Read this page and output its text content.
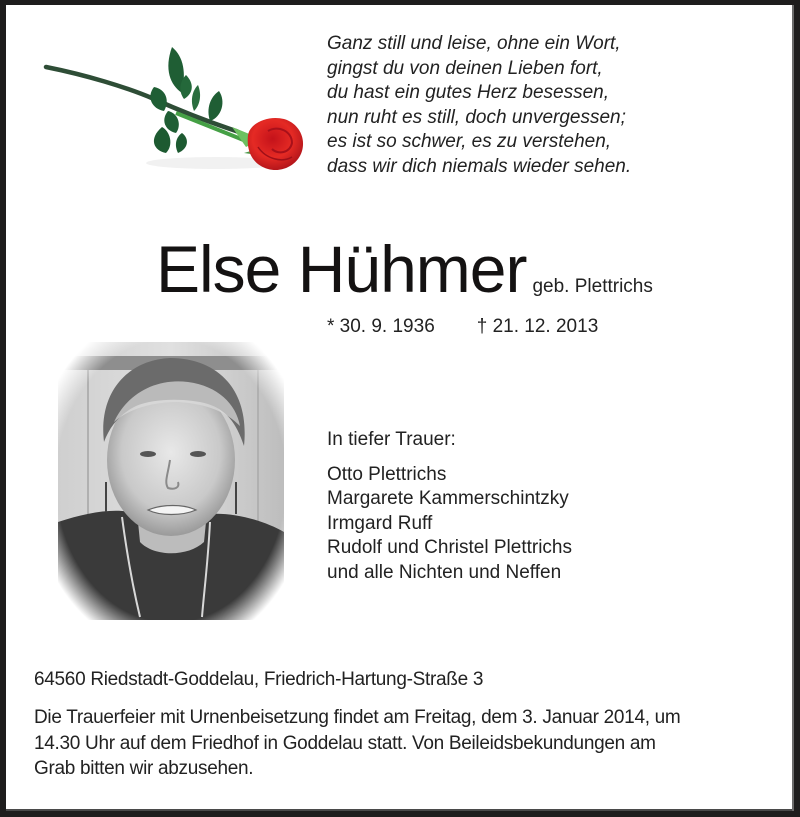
Ganz still und leise, ohne ein Wort,
gingst du von deinen Lieben fort,
du hast ein gutes Herz besessen,
nun ruht es still, doch unvergessen;
es ist so schwer, es zu verstehen,
dass wir dich niemals wieder sehen.
Else Hühmer geb. Plettrichs
* 30. 9. 1936 † 21. 12. 2013
In tiefer Trauer:
Otto Plettrichs
Margarete Kammerschintzky
Irmgard Ruff
Rudolf und Christel Plettrichs
und alle Nichten und Neffen
64560 Riedstadt-Goddelau, Friedrich-Hartung-Straße 3
Die Trauerfeier mit Urnenbeisetzung findet am Freitag, dem 3. Januar 2014, um
14.30 Uhr auf dem Friedhof in Goddelau statt. Von Beileidsbekundungen am
Grab bitten wir abzusehen.
